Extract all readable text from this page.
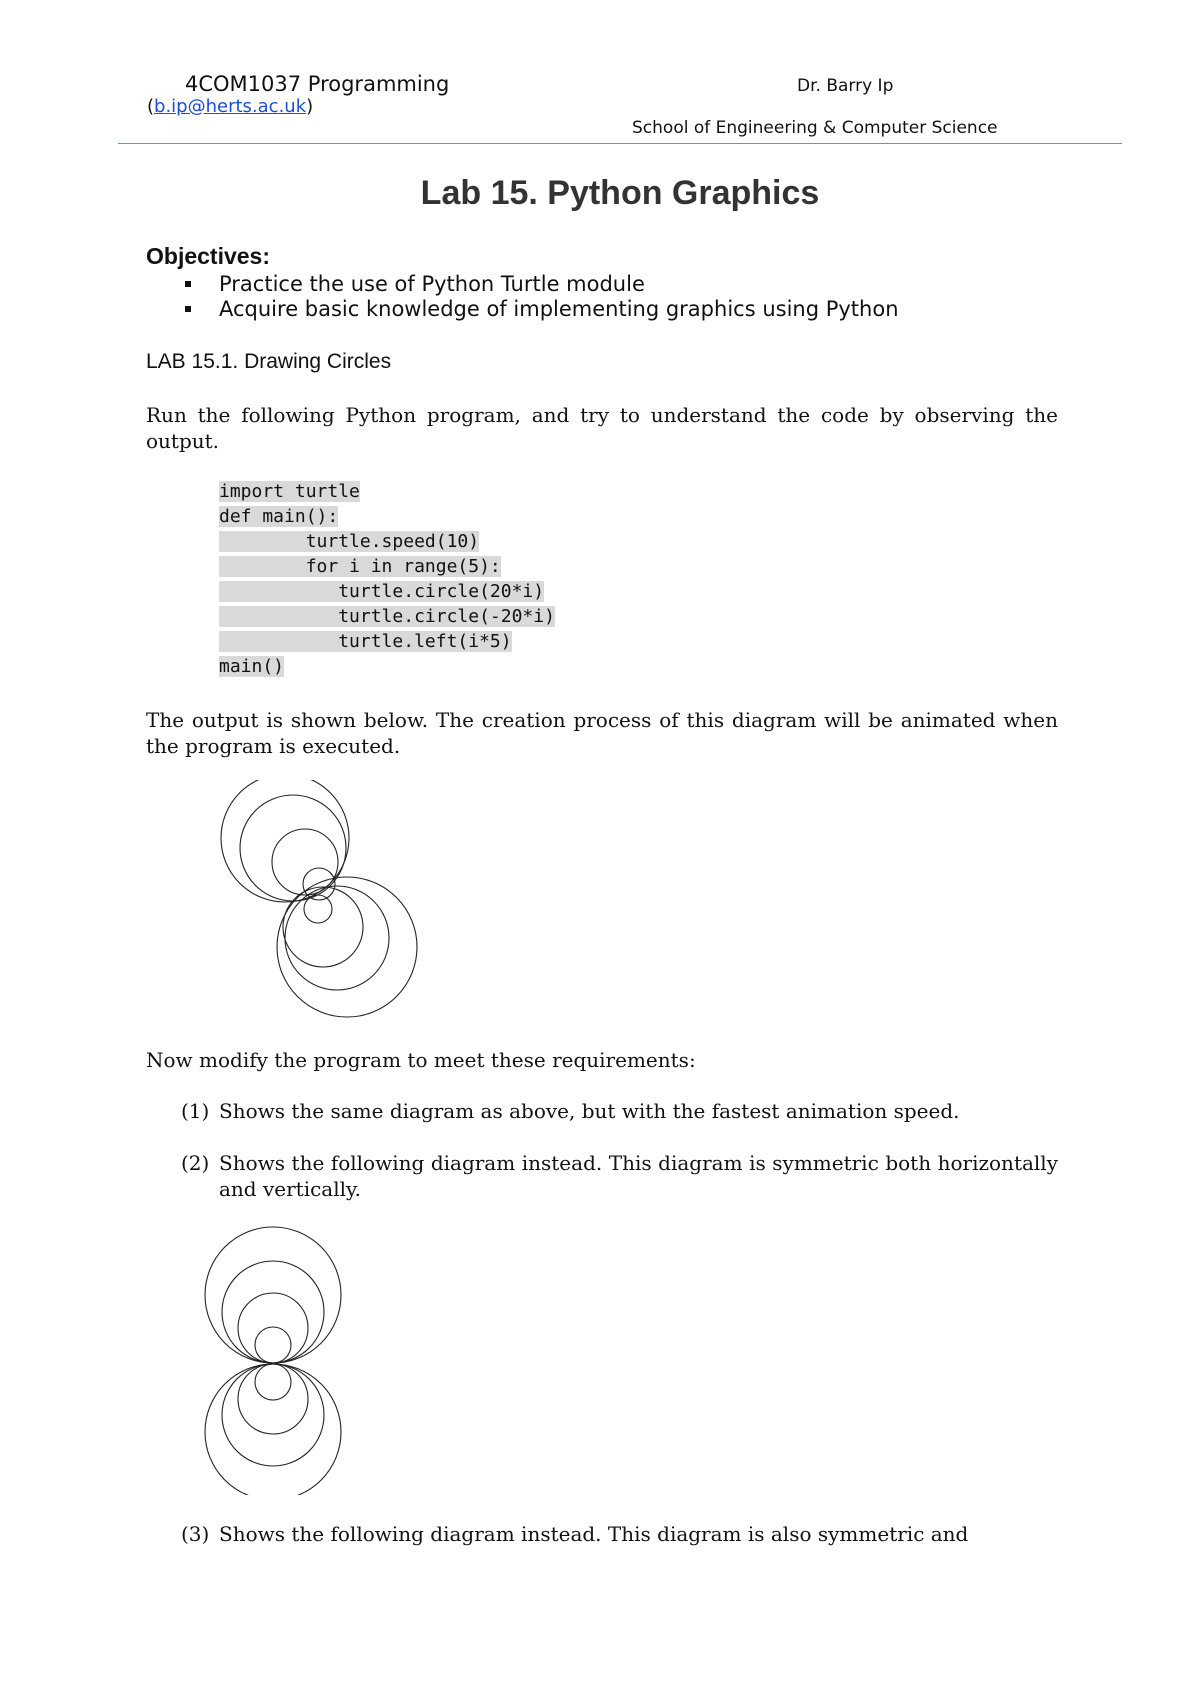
4COM1037 Programming
(b.ip@herts.ac.uk)
Dr. Barry Ip
School of Engineering & Computer Science
Lab 15. Python Graphics
Objectives:
Practice the use of Python Turtle module
Acquire basic knowledge of implementing graphics using Python
LAB 15.1. Drawing Circles
Run the following Python program, and try to understand the code by observing the output.
import turtle
def main():
turtle.speed(10)
for i in range(5):
turtle.circle(20*i)
turtle.circle(-20*i)
turtle.left(i*5)
main()
The output is shown below. The creation process of this diagram will be animated when the program is executed.
Now modify the program to meet these requirements:
(1) Shows the same diagram as above, but with the fastest animation speed.
(2) Shows the following diagram instead. This diagram is symmetric both horizontally and vertically.
(3) Shows the following diagram instead. This diagram is also symmetric and
